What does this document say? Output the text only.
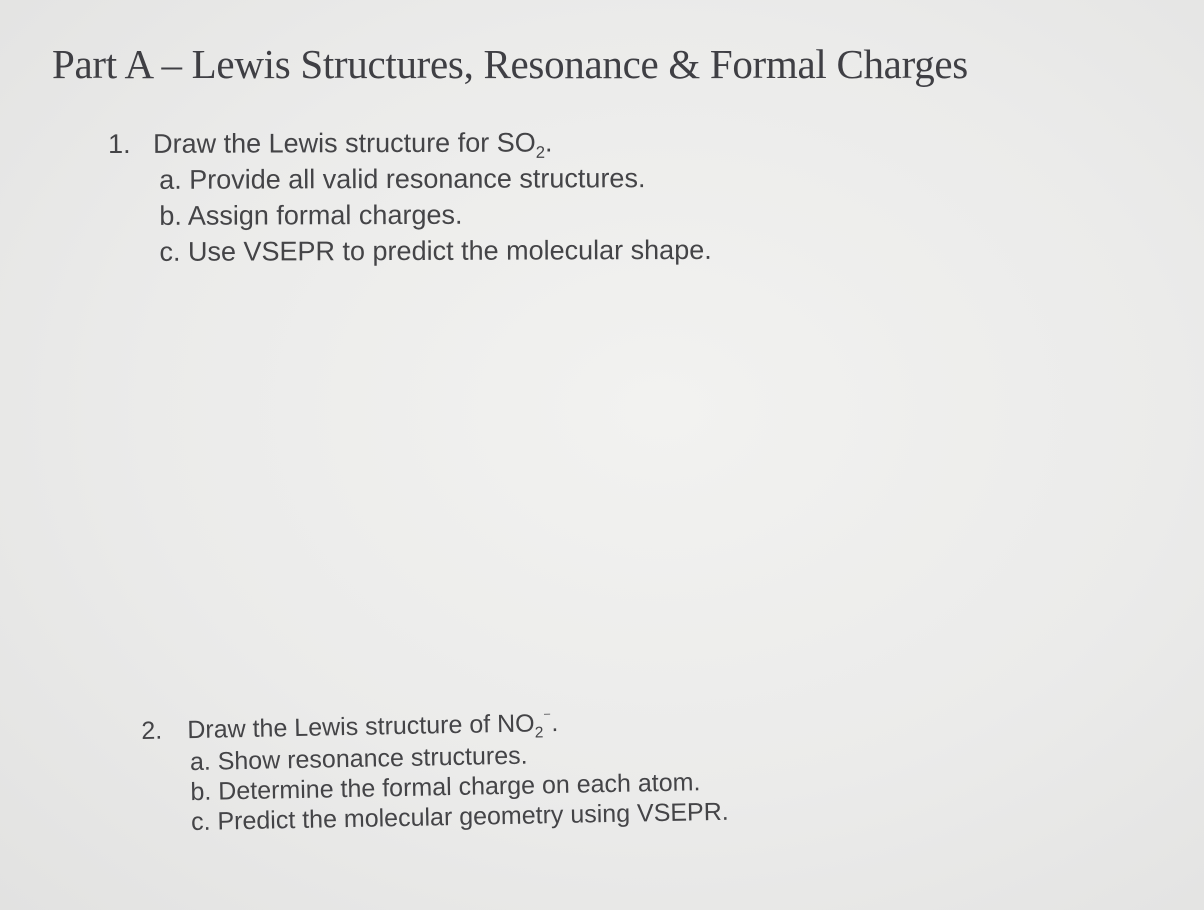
Part A – Lewis Structures, Resonance & Formal Charges
1. Draw the Lewis structure for $SO_2$.
a. Provide all valid resonance structures.
b. Assign formal charges.
c. Use VSEPR to predict the molecular shape.
2. Draw the Lewis structure of $NO_2^{^-}$.
a. Show resonance structures.
b. Determine the formal charge on each atom.
c. Predict the molecular geometry using VSEPR.
